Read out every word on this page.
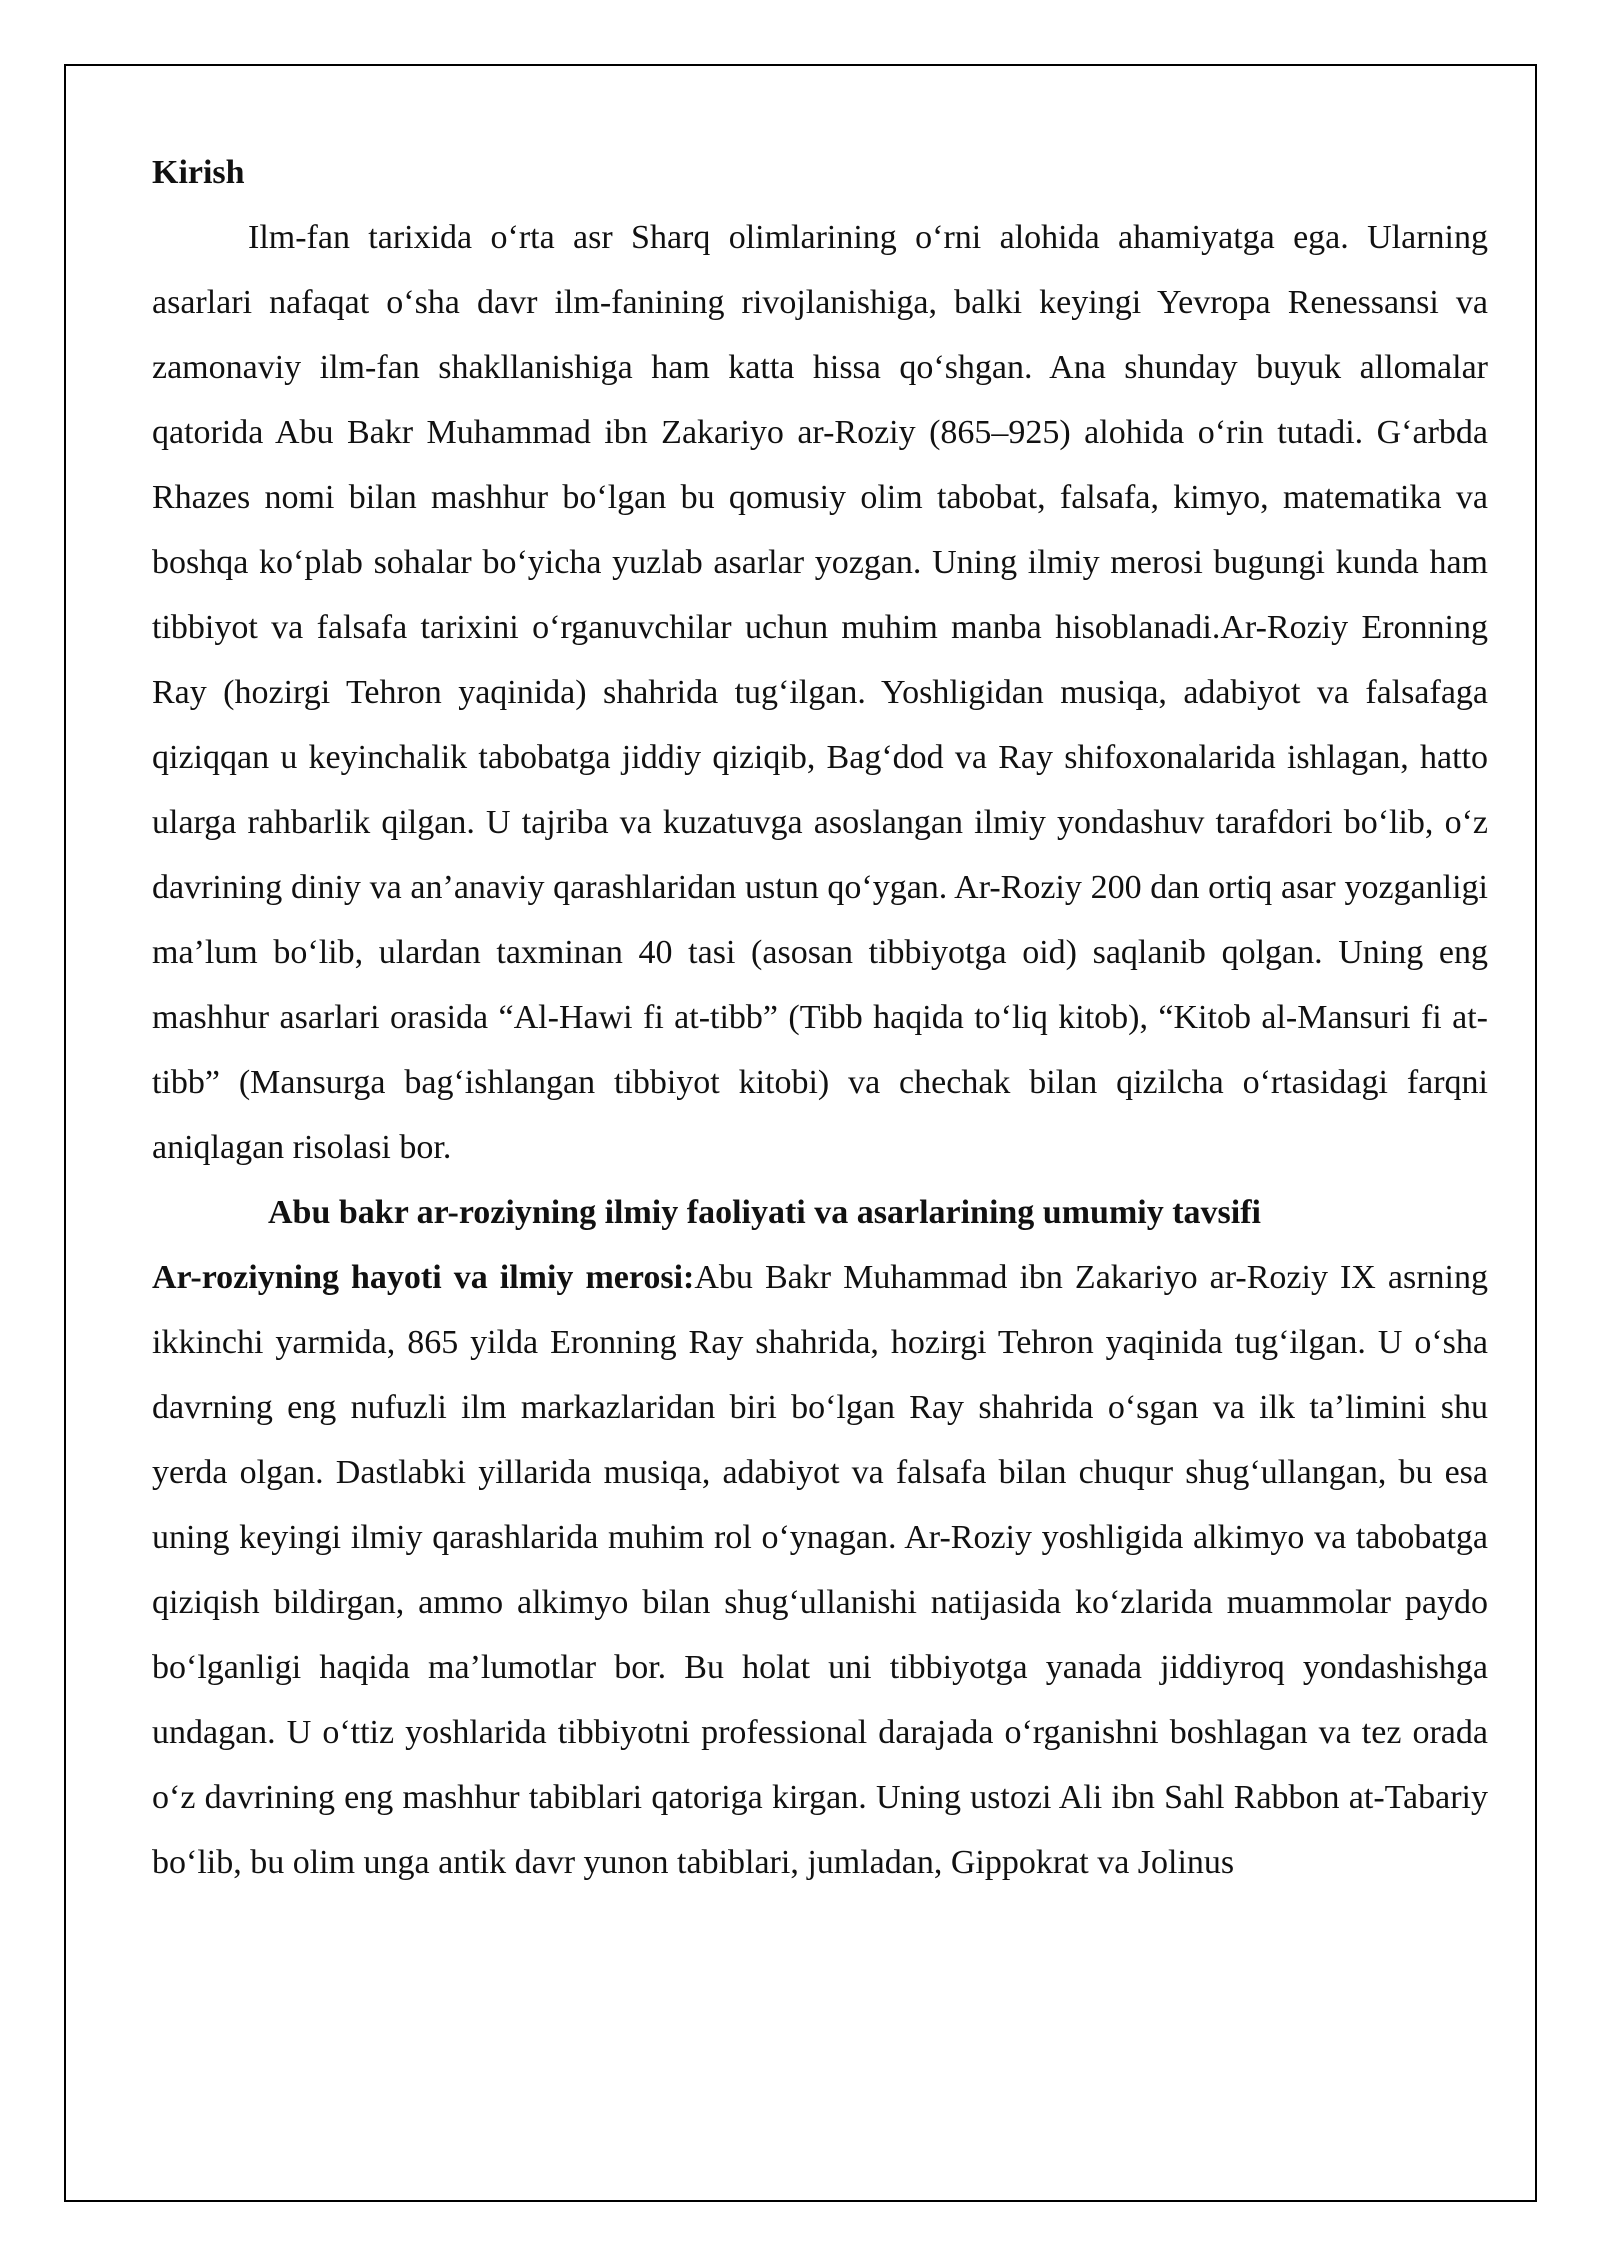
Kirish

Ilm-fan tarixida o‘rta asr Sharq olimlarining o‘rni alohida ahamiyatga ega. Ularning asarlari nafaqat o‘sha davr ilm-fanining rivojlanishiga, balki keyingi Yevropa Renessansi va zamonaviy ilm-fan shakllanishiga ham katta hissa qo‘shgan. Ana shunday buyuk allomalar qatorida Abu Bakr Muhammad ibn Zakariyo ar-Roziy (865–925) alohida o‘rin tutadi. G‘arbda Rhazes nomi bilan mashhur bo‘lgan bu qomusiy olim tabobat, falsafa, kimyo, matematika va boshqa ko‘plab sohalar bo‘yicha yuzlab asarlar yozgan. Uning ilmiy merosi bugungi kunda ham tibbiyot va falsafa tarixini o‘rganuvchilar uchun muhim manba hisoblanadi.Ar-Roziy Eronning Ray (hozirgi Tehron yaqinida) shahrida tug‘ilgan. Yoshligidan musiqa, adabiyot va falsafaga qiziqqan u keyinchalik tabobatga jiddiy qiziqib, Bag‘dod va Ray shifoxonalarida ishlagan, hatto ularga rahbarlik qilgan. U tajriba va kuzatuvga asoslangan ilmiy yondashuv tarafdori bo‘lib, o‘z davrining diniy va an’anaviy qarashlaridan ustun qo‘ygan. Ar-Roziy 200 dan ortiq asar yozganligi ma’lum bo‘lib, ulardan taxminan 40 tasi (asosan tibbiyotga oid) saqlanib qolgan. Uning eng mashhur asarlari orasida “Al-Hawi fi at-tibb” (Tibb haqida to‘liq kitob), “Kitob al-Mansuri fi at-tibb” (Mansurga bag‘ishlangan tibbiyot kitobi) va chechak bilan qizilcha o‘rtasidagi farqni aniqlagan risolasi bor.

Abu bakr ar-roziyning ilmiy faoliyati va asarlarining umumiy tavsifi

Ar-roziyning hayoti va ilmiy merosi:Abu Bakr Muhammad ibn Zakariyo ar-Roziy IX asrning ikkinchi yarmida, 865 yilda Eronning Ray shahrida, hozirgi Tehron yaqinida tug‘ilgan. U o‘sha davrning eng nufuzli ilm markazlaridan biri bo‘lgan Ray shahrida o‘sgan va ilk ta’limini shu yerda olgan. Dastlabki yillarida musiqa, adabiyot va falsafa bilan chuqur shug‘ullangan, bu esa uning keyingi ilmiy qarashlarida muhim rol o‘ynagan. Ar-Roziy yoshligida alkimyo va tabobatga qiziqish bildirgan, ammo alkimyo bilan shug‘ullanishi natijasida ko‘zlarida muammolar paydo bo‘lganligi haqida ma’lumotlar bor. Bu holat uni tibbiyotga yanada jiddiyroq yondashishga undagan. U o‘ttiz yoshlarida tibbiyotni professional darajada o‘rganishni boshlagan va tez orada o‘z davrining eng mashhur tabiblari qatoriga kirgan. Uning ustozi Ali ibn Sahl Rabbon at-Tabariy bo‘lib, bu olim unga antik davr yunon tabiblari, jumladan, Gippokrat va Jolinus
